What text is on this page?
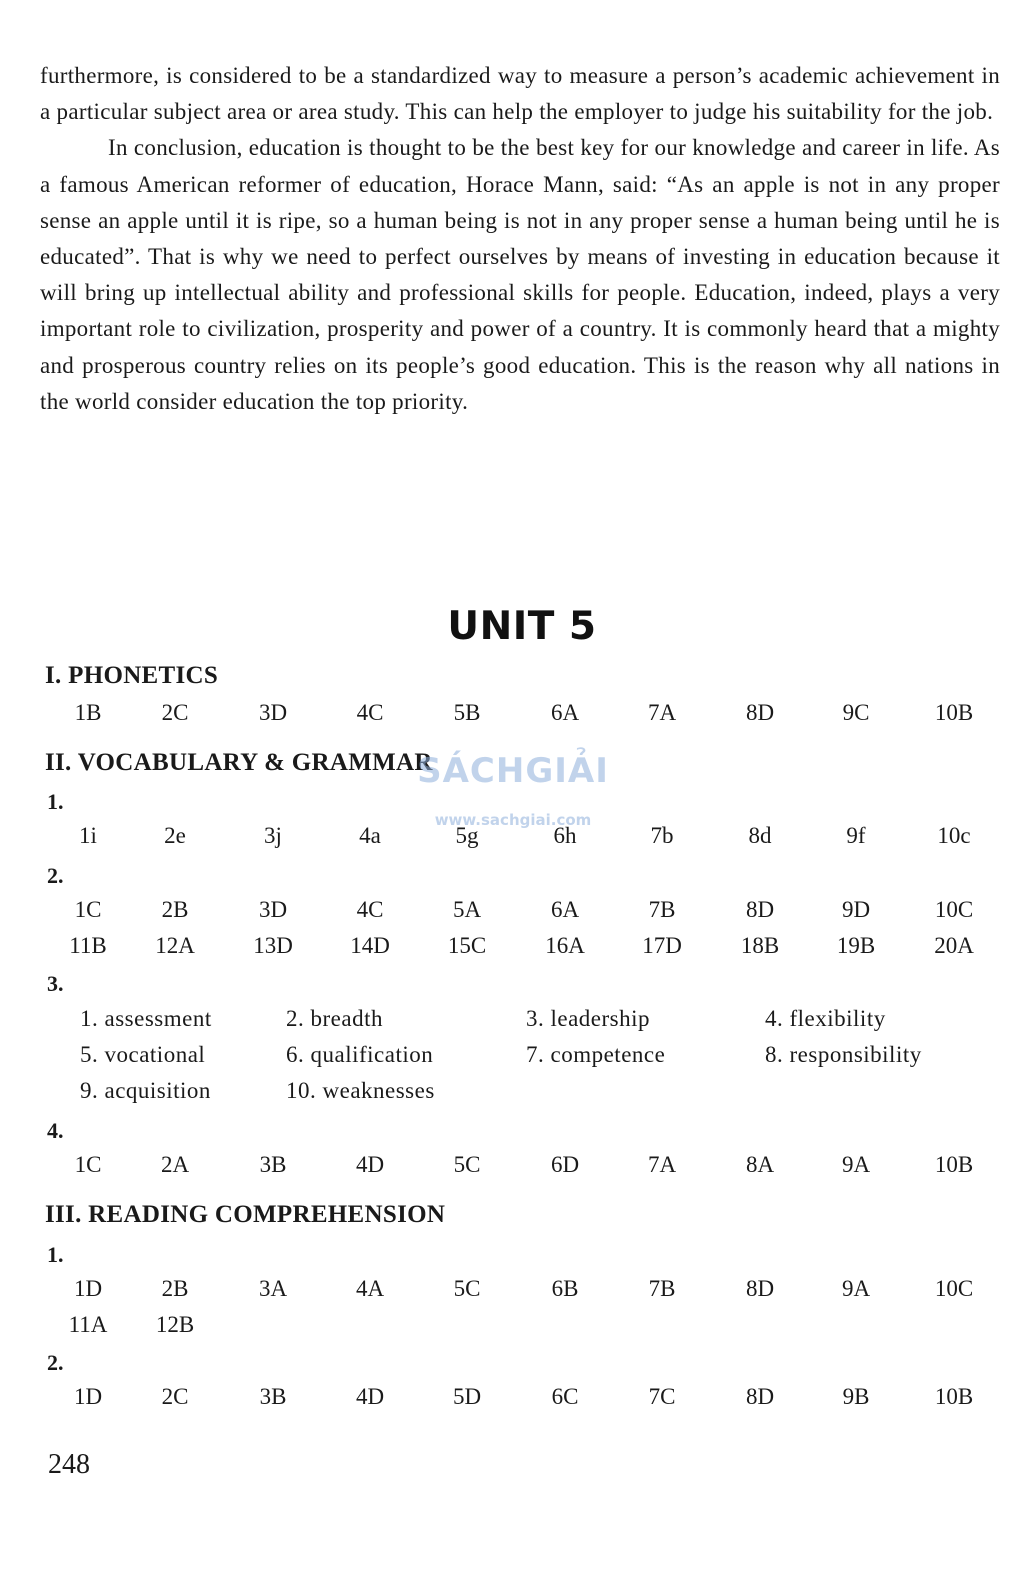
furthermore, is considered to be a standardized way to measure a person’s academic achievement in a particular subject area or area study. This can help the employer to judge his suitability for the job.

In conclusion, education is thought to be the best key for our knowledge and career in life. As a famous American reformer of education, Horace Mann, said: “As an apple is not in any proper sense an apple until it is ripe, so a human being is not in any proper sense a human being until he is educated”. That is why we need to perfect ourselves by means of investing in education because it will bring up intellectual ability and professional skills for people. Education, indeed, plays a very important role to civilization, prosperity and power of a country. It is commonly heard that a mighty and prosperous country relies on its people’s good education. This is the reason why all nations in the world consider education the top priority.

UNIT 5
I. PHONETICS
1B	2C	3D	4C	5B	6A	7A	8D	9C	10B
II. VOCABULARY & GRAMMAR
1.
1i	2e	3j	4a	5g	6h	7b	8d	9f	10c
2.
1C	2B	3D	4C	5A	6A	7B	8D	9D	10C
11B	12A	13D	14D	15C	16A	17D	18B	19B	20A
3.
1. assessment	2. breadth	3. leadership	4. flexibility
5. vocational	6. qualification	7. competence	8. responsibility
9. acquisition	10. weaknesses
4.
1C	2A	3B	4D	5C	6D	7A	8A	9A	10B
III. READING COMPREHENSION
1.
1D	2B	3A	4A	5C	6B	7B	8D	9A	10C
11A	12B
2.
1D	2C	3B	4D	5D	6C	7C	8D	9B	10B
248
SÁCHGIẢI
www.sachgiai.com
